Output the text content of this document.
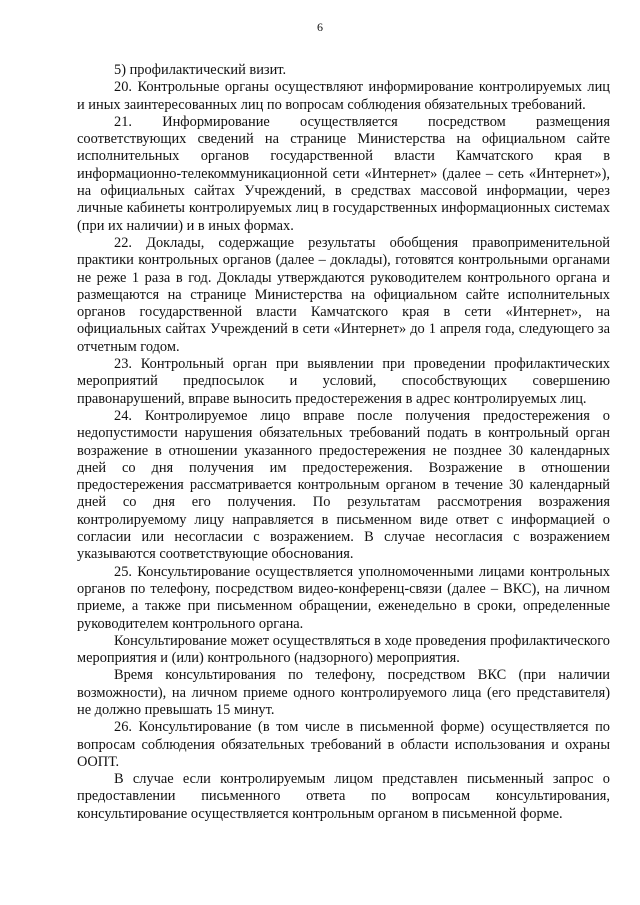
6

5) профилактический визит.

20. Контрольные органы осуществляют информирование контролируемых лиц и иных заинтересованных лиц по вопросам соблюдения обязательных требований.

21. Информирование осуществляется посредством размещения соответствующих сведений на странице Министерства на официальном сайте исполнительных органов государственной власти Камчатского края в информационно-телекоммуникационной сети «Интернет» (далее – сеть «Интернет»), на официальных сайтах Учреждений, в средствах массовой информации, через личные кабинеты контролируемых лиц в государственных информационных системах (при их наличии) и в иных формах.

22. Доклады, содержащие результаты обобщения правоприменительной практики контрольных органов (далее – доклады), готовятся контрольными органами не реже 1 раза в год. Доклады утверждаются руководителем контрольного органа и размещаются на странице Министерства на официальном сайте исполнительных органов государственной власти Камчатского края в сети «Интернет», на официальных сайтах Учреждений в сети «Интернет» до 1 апреля года, следующего за отчетным годом.

23. Контрольный орган при выявлении при проведении профилактических мероприятий предпосылок и условий, способствующих совершению правонарушений, вправе выносить предостережения в адрес контролируемых лиц.

24. Контролируемое лицо вправе после получения предостережения о недопустимости нарушения обязательных требований подать в контрольный орган возражение в отношении указанного предостережения не позднее 30 календарных дней со дня получения им предостережения. Возражение в отношении предостережения рассматривается контрольным органом в течение 30 календарный дней со дня его получения. По результатам рассмотрения возражения контролируемому лицу направляется в письменном виде ответ с информацией о согласии или несогласии с возражением. В случае несогласия с возражением указываются соответствующие обоснования.

25. Консультирование осуществляется уполномоченными лицами контрольных органов по телефону, посредством видео-конференц-связи (далее – ВКС), на личном приеме, а также при письменном обращении, еженедельно в сроки, определенные руководителем контрольного органа.

Консультирование может осуществляться в ходе проведения профилактического мероприятия и (или) контрольного (надзорного) мероприятия.

Время консультирования по телефону, посредством ВКС (при наличии возможности), на личном приеме одного контролируемого лица (его представителя) не должно превышать 15 минут.

26. Консультирование (в том числе в письменной форме) осуществляется по вопросам соблюдения обязательных требований в области использования и охраны ООПТ.

В случае если контролируемым лицом представлен письменный запрос о предоставлении письменного ответа по вопросам консультирования, консультирование осуществляется контрольным органом в письменной форме.
